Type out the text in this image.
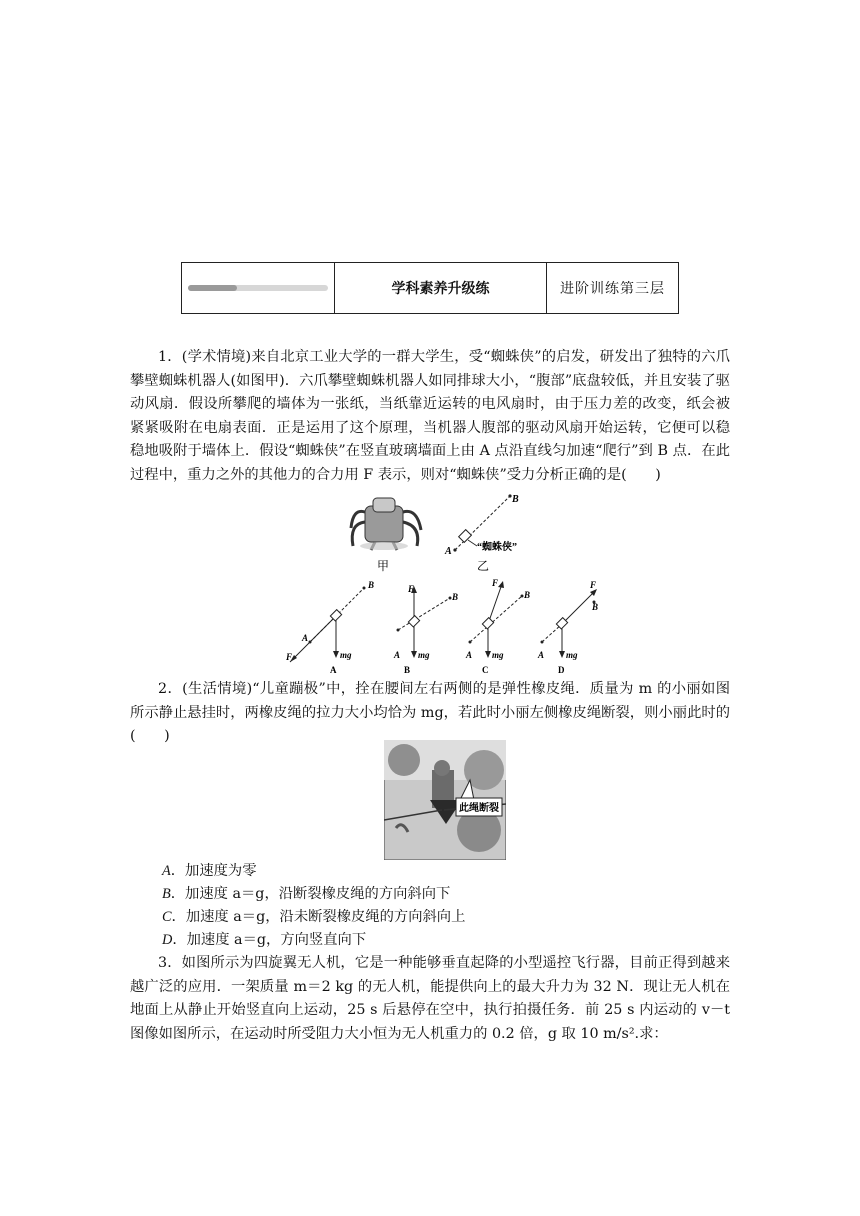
学科素养升级练	进阶训练第三层
1．(学术情境)来自北京工业大学的一群大学生，受“蜘蛛侠”的启发，研发出了独特的六爪攀壁蜘蛛机器人(如图甲)．六爪攀壁蜘蛛机器人如同排球大小，“腹部”底盘较低，并且安装了驱动风扇．假设所攀爬的墙体为一张纸，当纸靠近运转的电风扇时，由于压力差的改变，纸会被紧紧吸附在电扇表面．正是运用了这个原理，当机器人腹部的驱动风扇开始运转，它便可以稳稳地吸附于墙体上．假设“蜘蛛侠”在竖直玻璃墙面上由 A 点沿直线匀加速“爬行”到 B 点．在此过程中，重力之外的其他力的合力用 F 表示，则对“蜘蛛侠”受力分析正确的是(　　)
甲
A
B
“蜘蛛侠”
乙
A
B
F	mg
A
A
B
F
mg
B
A
B
F
mg
C
A
B
F
mg
D
2．(生活情境)“儿童蹦极”中，拴在腰间左右两侧的是弹性橡皮绳．质量为 m 的小丽如图所示静止悬挂时，两橡皮绳的拉力大小均恰为 mg，若此时小丽左侧橡皮绳断裂，则小丽此时的(　　)
此绳断裂
A．加速度为零
B．加速度 a＝g，沿断裂橡皮绳的方向斜向下
C．加速度 a＝g，沿未断裂橡皮绳的方向斜向上
D．加速度 a＝g，方向竖直向下
3．如图所示为四旋翼无人机，它是一种能够垂直起降的小型遥控飞行器，目前正得到越来越广泛的应用．一架质量 m＝2 kg 的无人机，能提供向上的最大升力为 32 N．现让无人机在地面上从静止开始竖直向上运动，25 s 后悬停在空中，执行拍摄任务．前 25 s 内运动的 v－t 图像如图所示，在运动时所受阻力大小恒为无人机重力的 0.2 倍，g 取 10 m/s².求：
